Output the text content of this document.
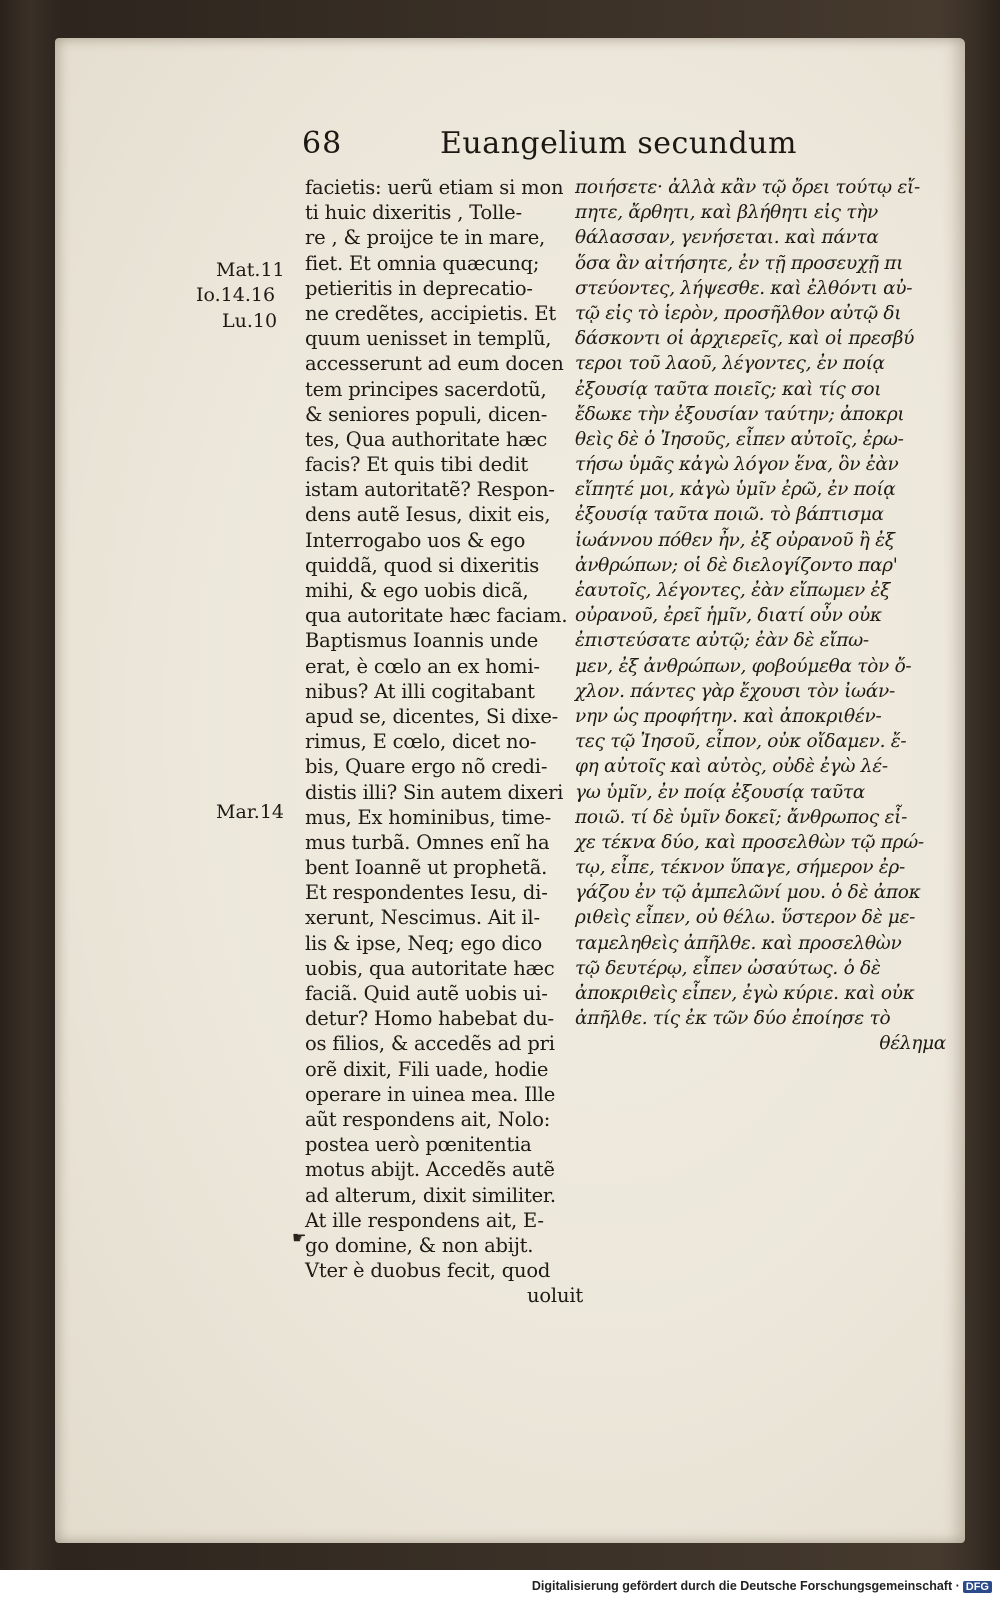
68	Euangelium secundum
Mat.11
Io.14.16
Lu.10
Mar.14
☛
facietis: uerũ etiam si mon
ti huic dixeritis , Tolle-
re , & proijce te in mare,
fiet. Et omnia quæcunq;
petieritis in deprecatio-
ne credẽtes, accipietis. Et
quum uenisset in templũ,
accesserunt ad eum docen
tem principes sacerdotũ,
& seniores populi, dicen-
tes, Qua authoritate hæc
facis? Et quis tibi dedit
istam autoritatẽ? Respon-
dens autẽ Iesus, dixit eis,
Interrogabo uos & ego
quiddã, quod si dixeritis
mihi, & ego uobis dicã,
qua autoritate hæc faciam.
Baptismus Ioannis unde
erat, è cœlo an ex homi-
nibus? At illi cogitabant
apud se, dicentes, Si dixe-
rimus, E cœlo, dicet no-
bis, Quare ergo nõ credi-
distis illi? Sin autem dixeri
mus, Ex hominibus, time-
mus turbã. Omnes enĩ ha
bent Ioannẽ ut prophetã.
Et respondentes Iesu, di-
xerunt, Nescimus. Ait il-
lis & ipse, Neq; ego dico
uobis, qua autoritate hæc
faciã. Quid autẽ uobis ui-
detur? Homo habebat du-
os filios, & accedẽs ad pri
orẽ dixit, Fili uade, hodie
operare in uinea mea. Ille
aũt respondens ait, Nolo:
postea uerò pœnitentia
motus abijt. Accedẽs autẽ
ad alterum, dixit similiter.
At ille respondens ait, E-
go domine, & non abijt.
Vter è duobus fecit, quod
uoluit
ποιήσετε· ἀλλὰ κἂν τῷ ὄρει τούτῳ εἴ-
πητε, ἄρθητι, καὶ βλήθητι εἰς τὴν
θάλασσαν, γενήσεται. καὶ πάντα
ὅσα ἂν αἰτήσητε, ἐν τῇ προσευχῇ πι
στεύοντες, λήψεσθε. καὶ ἐλθόντι αὐ-
τῷ εἰς τὸ ἱερὸν, προσῆλθον αὐτῷ δι
δάσκοντι οἱ ἀρχιερεῖς, καὶ οἱ πρεσβύ
τεροι τοῦ λαοῦ, λέγοντες, ἐν ποίᾳ
ἐξουσίᾳ ταῦτα ποιεῖς; καὶ τίς σοι
ἔδωκε τὴν ἐξουσίαν ταύτην; ἀποκρι
θεὶς δὲ ὁ Ἰησοῦς, εἶπεν αὐτοῖς, ἐρω-
τήσω ὑμᾶς κἀγὼ λόγον ἕνα, ὃν ἐὰν
εἴπητέ μοι, κἀγὼ ὑμῖν ἐρῶ, ἐν ποίᾳ
ἐξουσίᾳ ταῦτα ποιῶ. τὸ βάπτισμα
ἰωάννου πόθεν ἦν, ἐξ οὐρανοῦ ἢ ἐξ
ἀνθρώπων; οἱ δὲ διελογίζοντο παρ'
ἑαυτοῖς, λέγοντες, ἐὰν εἴπωμεν ἐξ
οὐρανοῦ, ἐρεῖ ἡμῖν, διατί οὖν οὐκ
ἐπιστεύσατε αὐτῷ; ἐὰν δὲ εἴπω-
μεν, ἐξ ἀνθρώπων, φοβούμεθα τὸν ὄ-
χλον. πάντες γὰρ ἔχουσι τὸν ἰωάν-
νην ὡς προφήτην. καὶ ἀποκριθέν-
τες τῷ Ἰησοῦ, εἶπον, οὐκ οἴδαμεν. ἔ-
φη αὐτοῖς καὶ αὐτὸς, οὐδὲ ἐγὼ λέ-
γω ὑμῖν, ἐν ποίᾳ ἐξουσίᾳ ταῦτα
ποιῶ. τί δὲ ὑμῖν δοκεῖ; ἄνθρωπος εἶ-
χε τέκνα δύο, καὶ προσελθὼν τῷ πρώ-
τῳ, εἶπε, τέκνον ὕπαγε, σήμερον ἐρ-
γάζου ἐν τῷ ἀμπελῶνί μου. ὁ δὲ ἀποκ
ριθεὶς εἶπεν, οὐ θέλω. ὕστερον δὲ με-
ταμεληθεὶς ἀπῆλθε. καὶ προσελθὼν
τῷ δευτέρῳ, εἶπεν ὡσαύτως. ὁ δὲ
ἀποκριθεὶς εἶπεν, ἐγὼ κύριε. καὶ οὐκ
ἀπῆλθε. τίς ἐκ τῶν δύο ἐποίησε τὸ
θέλημα
Digitalisierung gefördert durch die Deutsche Forschungsgemeinschaft · DFG
